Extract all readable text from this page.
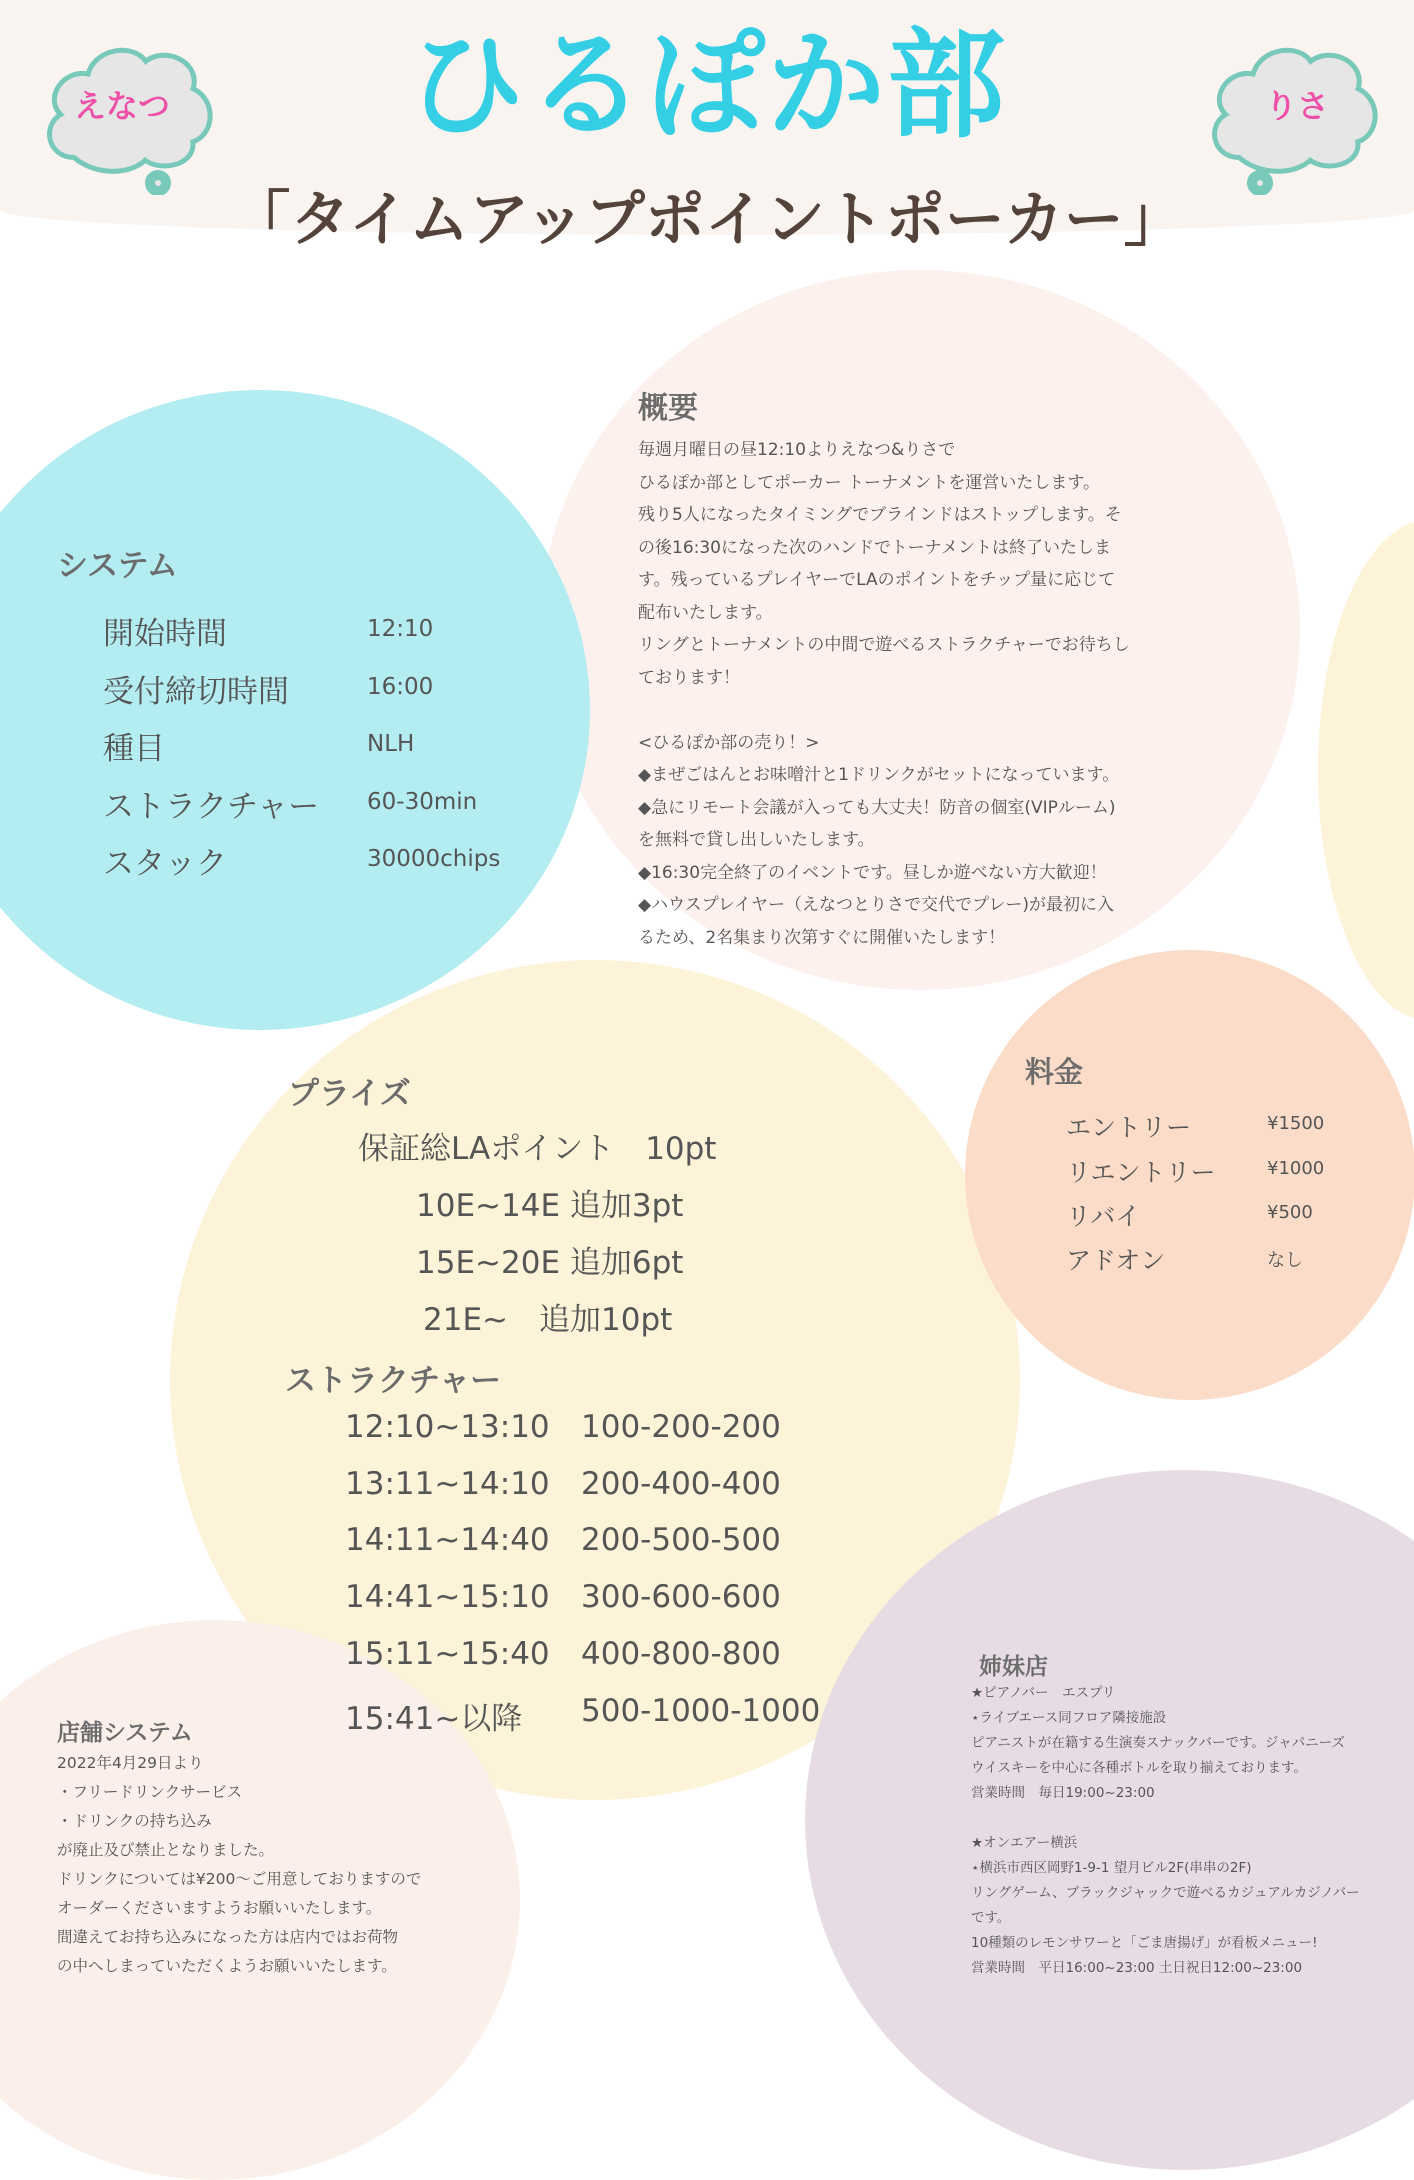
ひるぽか部
「タイムアップポイントポーカー」
えなつ	りさ
概要

毎週月曜日の昼12:10よりえなつ&りさで

ひるぽか部としてポーカー トーナメントを運営いたします。

残り5人になったタイミングでブラインドはストップします。そ

の後16:30になった次のハンドでトーナメントは終了いたしま

す。残っているプレイヤーでLAのポイントをチップ量に応じて

配布いたします。

リングとトーナメントの中間で遊べるストラクチャーでお待ちし

ております！

<ひるぽか部の売り！>

◆まぜごはんとお味噌汁と1ドリンクがセットになっています。

◆急にリモート会議が入っても大丈夫！防音の個室(VIPルーム)

を無料で貸し出しいたします。

◆16:30完全終了のイベントです。昼しか遊べない方大歓迎！

◆ハウスプレイヤー（えなつとりさで交代でプレー)が最初に入

るため、2名集まり次第すぐに開催いたします！

システム
開始時間	12:10
受付締切時間	16:00
種目	NLH
ストラクチャー 60-30min
スタック	30000chips
プライズ
保証総LAポイント　10pt
10E~14E 追加3pt
15E~20E 追加6pt
21E~　追加10pt
ストラクチャー
12:10~13:10 100-200-200
13:11~14:10 200-400-400
14:11~14:40 200-500-500
14:41~15:10 300-600-600
15:11~15:40 400-800-800
15:41~以降 500-1000-1000
料金
エントリー	¥1500
リエントリー	¥1000
リバイ	¥500
アドオン	なし
店舗システム

2022年4月29日より

・フリードリンクサービス

・ドリンクの持ち込み

が廃止及び禁止となりました。

ドリンクについては¥200〜ご用意しておりますので

オーダーくださいますようお願いいたします。

間違えてお持ち込みになった方は店内ではお荷物

の中へしまっていただくようお願いいたします。

姉妹店

★ピアノバー　エスプリ

⋆ライブエース同フロア隣接施設

ピアニストが在籍する生演奏スナックバーです。ジャパニーズ

ウイスキーを中心に各種ボトルを取り揃えております。

営業時間　毎日19:00~23:00

★オンエアー横浜

⋆横浜市西区岡野1-9-1 望月ビル2F(串串の2F)

リングゲーム、ブラックジャックで遊べるカジュアルカジノバー

です。

10種類のレモンサワーと「ごま唐揚げ」が看板メニュー!

営業時間　平日16:00~23:00 土日祝日12:00~23:00
